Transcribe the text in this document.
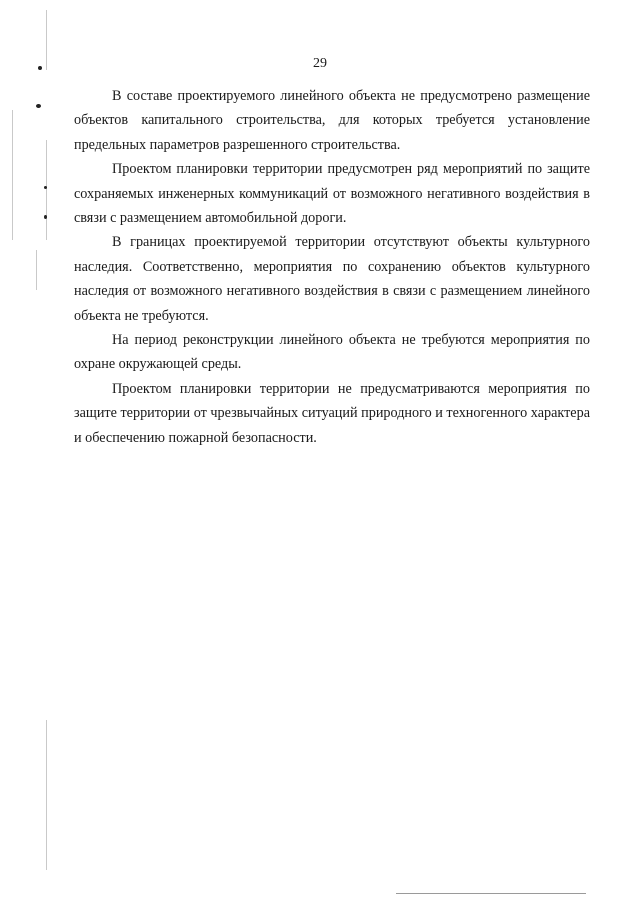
29

В составе проектируемого линейного объекта не предусмотрено размещение объектов капитального строительства, для которых требуется установление предельных параметров разрешенного строительства.

Проектом планировки территории предусмотрен ряд мероприятий по защите сохраняемых инженерных коммуникаций от возможного негативного воздействия в связи с размещением автомобильной дороги.

В границах проектируемой территории отсутствуют объекты культурного наследия. Соответственно, мероприятия по сохранению объектов культурного наследия от возможного негативного воздействия в связи с размещением линейного объекта не требуются.

На период реконструкции линейного объекта не требуются мероприятия по охране окружающей среды.

Проектом планировки территории не предусматриваются мероприятия по защите территории от чрезвычайных ситуаций природного и техногенного характера и обеспечению пожарной безопасности.
